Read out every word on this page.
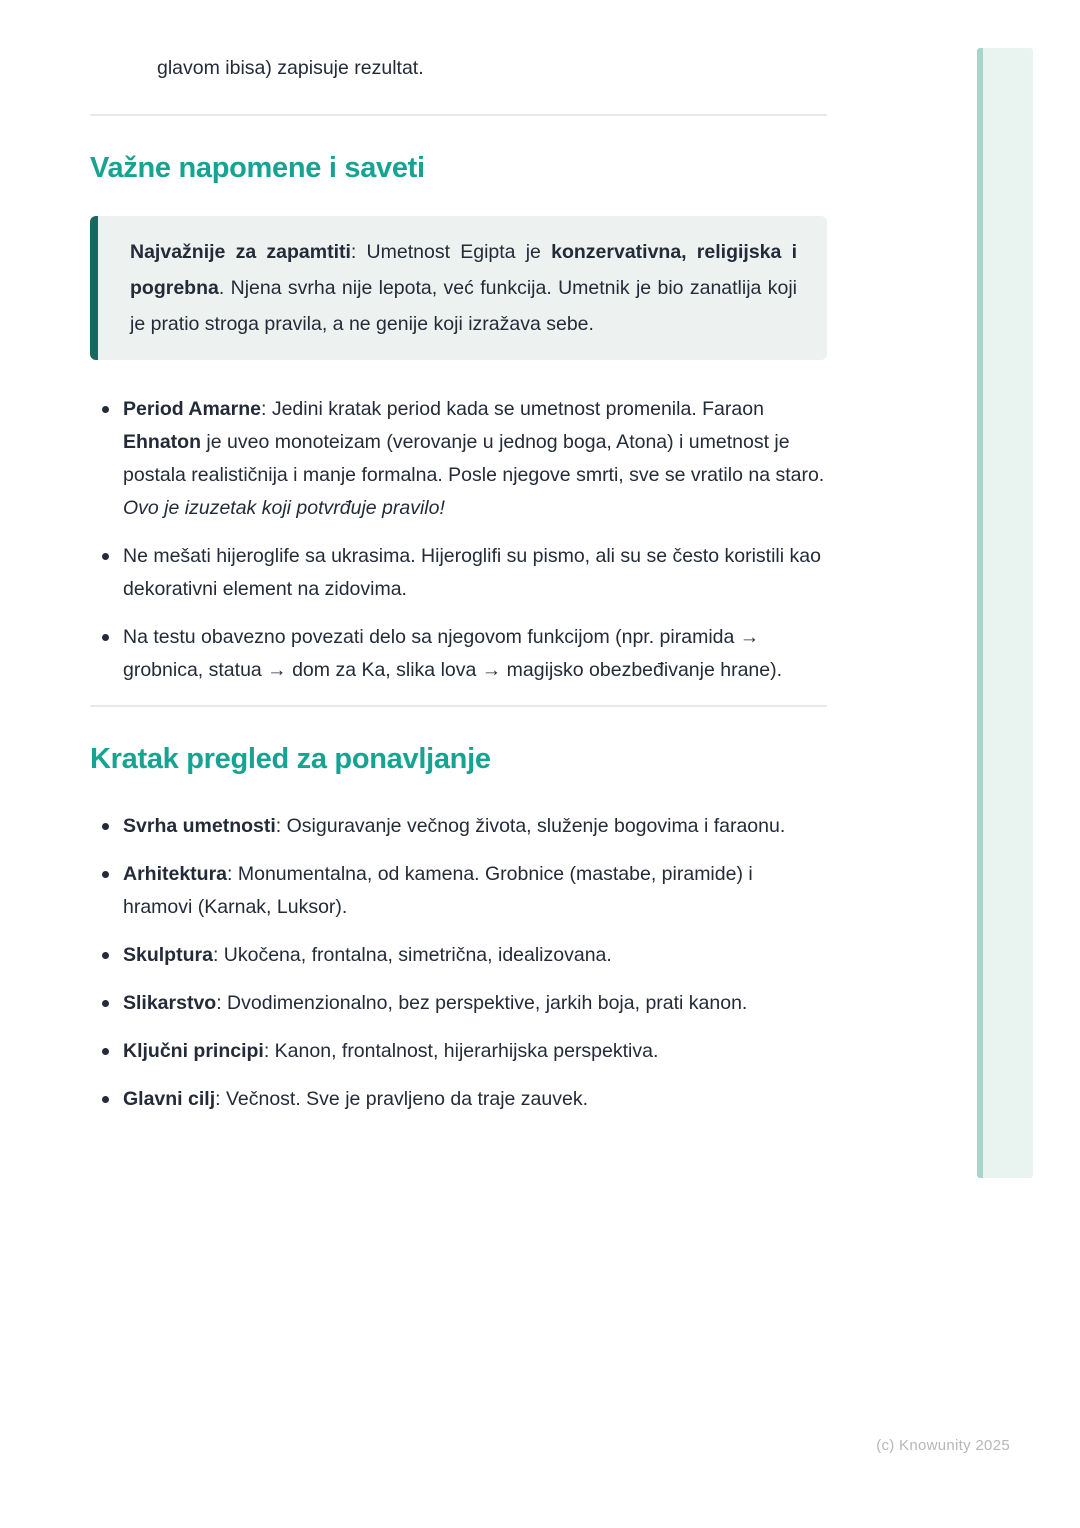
glavom ibisa) zapisuje rezultat.

Važne napomene i saveti
Najvažnije za zapamtiti: Umetnost Egipta je konzervativna, religijska i pogrebna. Njena svrha nije lepota, već funkcija. Umetnik je bio zanatlija koji je pratio stroga pravila, a ne genije koji izražava sebe.
Period Amarne: Jedini kratak period kada se umetnost promenila. Faraon Ehnaton je uveo monoteizam (verovanje u jednog boga, Atona) i umetnost je postala realističnija i manje formalna. Posle njegove smrti, sve se vratilo na staro. Ovo je izuzetak koji potvrđuje pravilo!
Ne mešati hijeroglife sa ukrasima. Hijeroglifi su pismo, ali su se često koristili kao dekorativni element na zidovima.
Na testu obavezno povezati delo sa njegovom funkcijom (npr. piramida → grobnica, statua → dom za Ka, slika lova → magijsko obezbeđivanje hrane).
Kratak pregled za ponavljanje
Svrha umetnosti: Osiguravanje večnog života, služenje bogovima i faraonu.
Arhitektura: Monumentalna, od kamena. Grobnice (mastabe, piramide) i hramovi (Karnak, Luksor).
Skulptura: Ukočena, frontalna, simetrična, idealizovana.
Slikarstvo: Dvodimenzionalno, bez perspektive, jarkih boja, prati kanon.
Ključni principi: Kanon, frontalnost, hijerarhijska perspektiva.
Glavni cilj: Večnost. Sve je pravljeno da traje zauvek.
(c) Knowunity 2025
